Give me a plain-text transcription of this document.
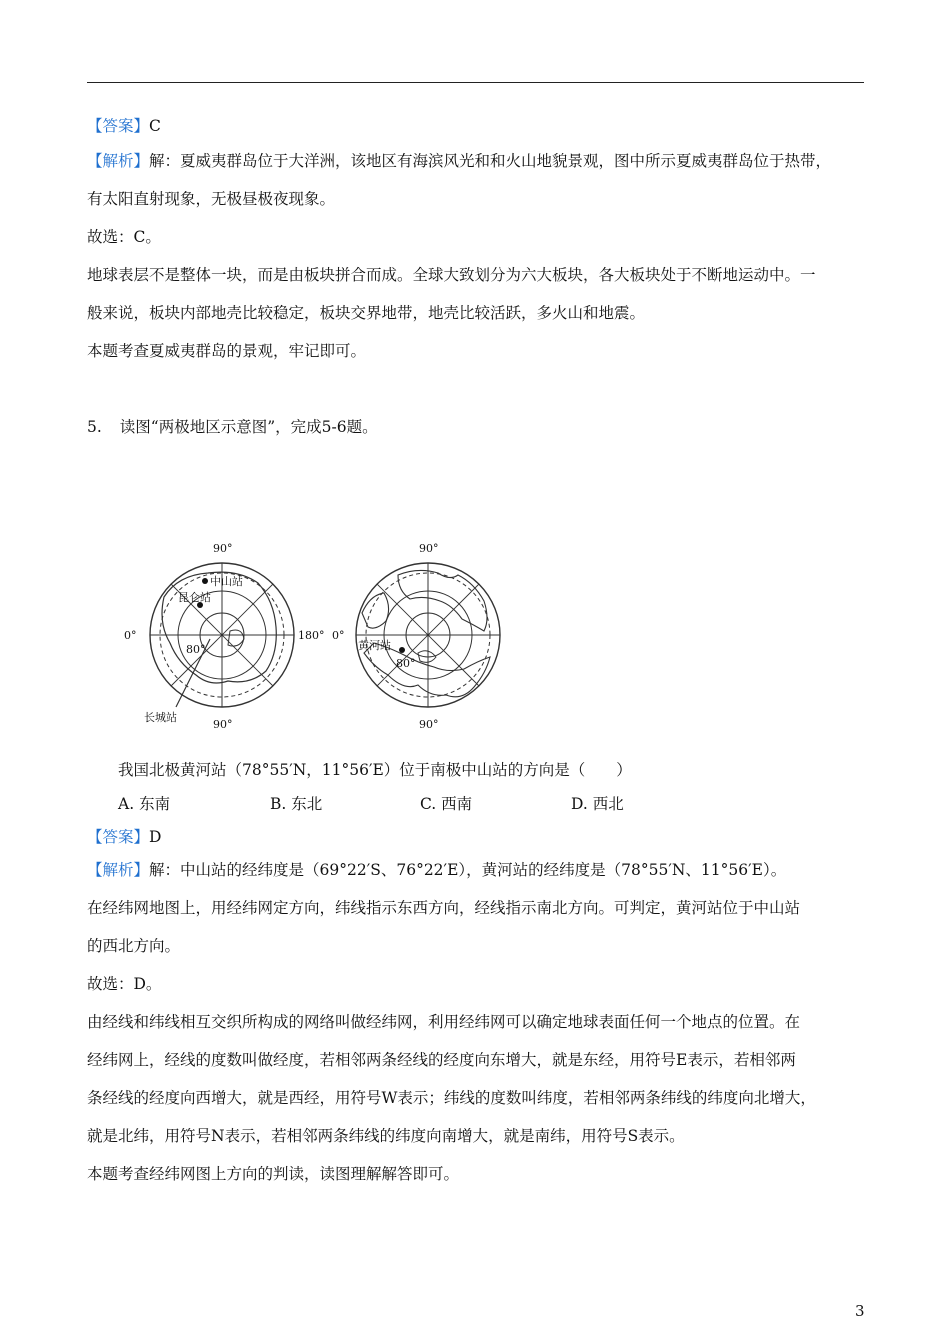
【答案】C
【解析】解：夏威夷群岛位于大洋洲，该地区有海滨风光和和火山地貌景观，图中所示夏威夷群岛位于热带，
有太阳直射现象，无极昼极夜现象。
故选：C。
地球表层不是整体一块，而是由板块拼合而成。全球大致划分为六大板块，各大板块处于不断地运动中。一
般来说，板块内部地壳比较稳定，板块交界地带，地壳比较活跃，多火山和地震。
本题考查夏威夷群岛的景观，牢记即可。
5. 读图“两极地区示意图”，完成5-6题。
90°
90°
0°	180°
80°
中山站
昆仑站
长城站
90°
90°
0°
80°
黄河站
我国北极黄河站（78°55′N，11°56′E）位于南极中山站的方向是（　　）
A. 东南	B. 东北	C. 西南	D. 西北
【答案】D
【解析】解：中山站的经纬度是（69°22′S、76°22′E），黄河站的经纬度是（78°55′N、11°56′E）。
在经纬网地图上，用经纬网定方向，纬线指示东西方向，经线指示南北方向。可判定，黄河站位于中山站
的西北方向。
故选：D。
由经线和纬线相互交织所构成的网络叫做经纬网，利用经纬网可以确定地球表面任何一个地点的位置。在
经纬网上，经线的度数叫做经度，若相邻两条经线的经度向东增大，就是东经，用符号E表示，若相邻两
条经线的经度向西增大，就是西经，用符号W表示；纬线的度数叫纬度，若相邻两条纬线的纬度向北增大，
就是北纬，用符号N表示，若相邻两条纬线的纬度向南增大，就是南纬，用符号S表示。
本题考查经纬网图上方向的判读，读图理解解答即可。
3
